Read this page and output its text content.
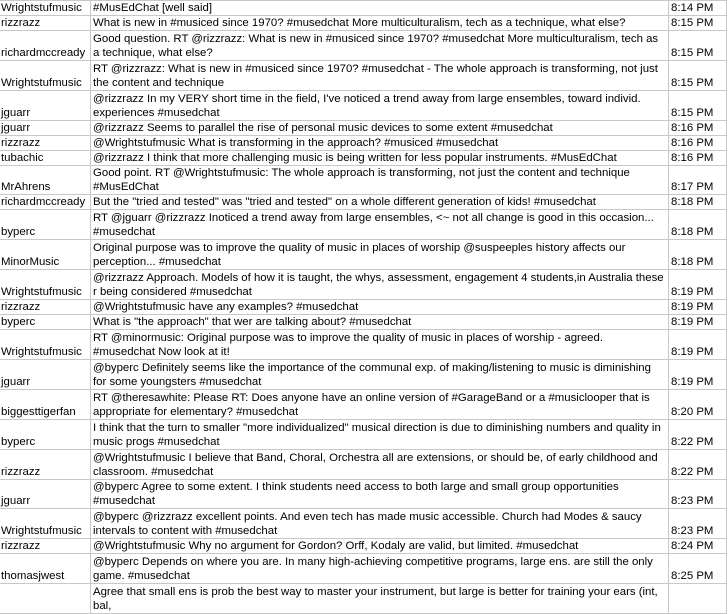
Wrightstufmusic	#MusEdChat [well said]	8:14 PM
rizzrazz	What is new in #musiced since 1970? #musedchat More multiculturalism, tech as a technique, what else?	8:15 PM
richardmccready	Good question. RT @rizzrazz: What is new in #musiced since 1970? #musedchat More multiculturalism, tech as a technique, what else?	8:15 PM
Wrightstufmusic	RT @rizzrazz: What is new in #musiced since 1970? #musedchat - The whole approach is transforming, not just the content and technique	8:15 PM
jguarr	@rizzrazz In my VERY short time in the field, I've noticed a trend away from large ensembles, toward individ. experiences #musedchat	8:15 PM
jguarr	@rizzrazz Seems to parallel the rise of personal music devices to some extent #musedchat	8:16 PM
rizzrazz	@Wrightstufmusic What is transforming in the approach? #musiced #musedchat	8:16 PM
tubachic	@rizzrazz I think that more challenging music is being written for less popular instruments. #MusEdChat	8:16 PM
MrAhrens	Good point. RT @Wrightstufmusic: The whole approach is transforming, not just the content and technique #MusEdChat	8:17 PM
richardmccready	But the "tried and tested" was "tried and tested" on a whole different generation of kids! #musedchat	8:18 PM
byperc	RT @jguarr @rizzrazz Inoticed a trend away from large ensembles, <~ not all change is good in this occasion... #musedchat	8:18 PM
MinorMusic	Original purpose was to improve the quality of music in places of worship @suspeeples history affects our perception... #musedchat	8:18 PM
Wrightstufmusic	@rizzrazz Approach. Models of how it is taught, the whys, assessment, engagement 4 students,in Australia these r being considered #musedchat	8:19 PM
rizzrazz	@Wrightstufmusic have any examples? #musedchat	8:19 PM
byperc	What is "the approach" that wer are talking about? #musedchat	8:19 PM
Wrightstufmusic	RT @minormusic: Original purpose was to improve the quality of music in places of worship - agreed. #musedchat Now look at it!	8:19 PM
jguarr	@byperc Definitely seems like the importance of the communal exp. of making/listening to music is diminishing for some youngsters #musedchat	8:19 PM
biggesttigerfan	RT @theresawhite: Please RT: Does anyone have an online version of #GarageBand or a #musiclooper that is appropriate for elementary? #musedchat	8:20 PM
byperc	I think that the turn to smaller "more individualized" musical direction is due to diminishing numbers and quality in music progs #musedchat	8:22 PM
rizzrazz	@Wrightstufmusic I believe that Band, Choral, Orchestra all are extensions, or should be, of early childhood and classroom. #musedchat	8:22 PM
jguarr	@byperc Agree to some extent. I think students need access to both large and small group opportunities #musedchat	8:23 PM
Wrightstufmusic	@byperc @rizzrazz excellent points. And even tech has made music accessible. Church had Modes & saucy intervals to content with #musedchat	8:23 PM
rizzrazz	@Wrightstufmusic Why no argument for Gordon? Orff, Kodaly are valid, but limited. #musedchat	8:24 PM
thomasjwest	@byperc Depends on where you are. In many high-achieving competitive programs, large ens. are still the only game. #musedchat	8:25 PM
	Agree that small ens is prob the best way to master your instrument, but large is better for training your ears (int, bal,	
